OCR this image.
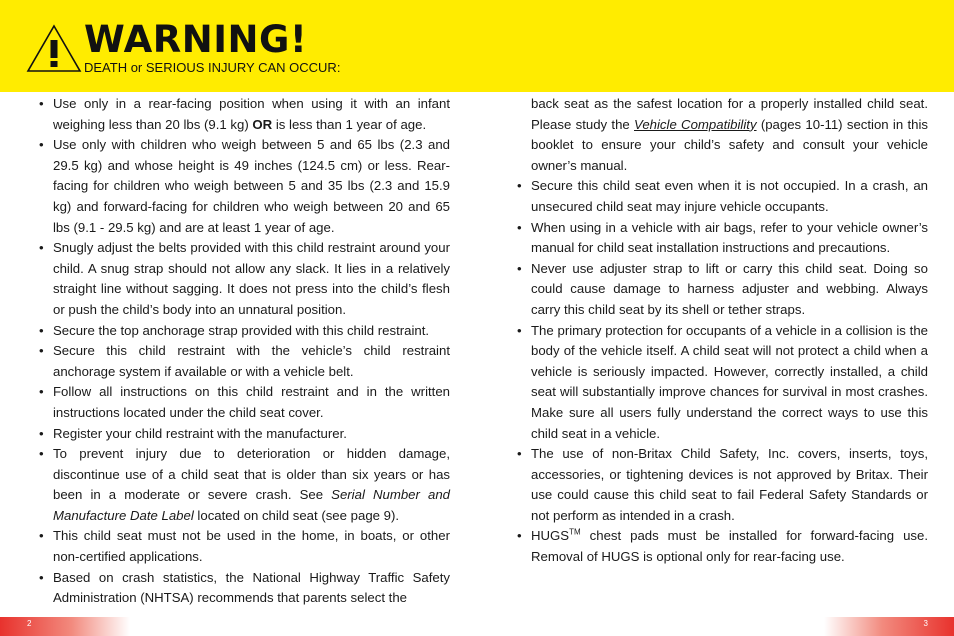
WARNING!
DEATH or SERIOUS INJURY CAN OCCUR:
• Use only in a rear-facing position when using it with an infant weighing less than 20 lbs (9.1 kg) OR is less than 1 year of age.
• Use only with children who weigh between 5 and 65 lbs (2.3 and 29.5 kg) and whose height is 49 inches (124.5 cm) or less. Rear-facing for children who weigh between 5 and 35 lbs (2.3 and 15.9 kg) and forward-facing for children who weigh between 20 and 65 lbs (9.1 - 29.5 kg) and are at least 1 year of age.
• Snugly adjust the belts provided with this child restraint around your child. A snug strap should not allow any slack. It lies in a relatively straight line without sagging. It does not press into the child’s flesh or push the child’s body into an unnatural position.
• Secure the top anchorage strap provided with this child restraint.
• Secure this child restraint with the vehicle’s child restraint anchorage system if available or with a vehicle belt.
• Follow all instructions on this child restraint and in the written instructions located under the child seat cover.
• Register your child restraint with the manufacturer.
• To prevent injury due to deterioration or hidden damage, discontinue use of a child seat that is older than six years or has been in a moderate or severe crash. See Serial Number and Manufacture Date Label located on child seat (see page 9).
• This child seat must not be used in the home, in boats, or other non-certified applications.
• Based on crash statistics, the National Highway Traffic Safety Administration (NHTSA) recommends that parents select the

back seat as the safest location for a properly installed child seat. Please study the Vehicle Compatibility (pages 10-11) section in this booklet to ensure your child’s safety and consult your vehicle owner’s manual.

• Secure this child seat even when it is not occupied. In a crash, an unsecured child seat may injure vehicle occupants.
• When using in a vehicle with air bags, refer to your vehicle owner’s manual for child seat installation instructions and precautions.
• Never use adjuster strap to lift or carry this child seat. Doing so could cause damage to harness adjuster and webbing. Always carry this child seat by its shell or tether straps.
• The primary protection for occupants of a vehicle in a collision is the body of the vehicle itself. A child seat will not protect a child when a vehicle is seriously impacted. However, correctly installed, a child seat will substantially improve chances for survival in most crashes. Make sure all users fully understand the correct ways to use this child seat in a vehicle.
• The use of non-Britax Child Safety, Inc. covers, inserts, toys, accessories, or tightening devices is not approved by Britax. Their use could cause this child seat to fail Federal Safety Standards or not perform as intended in a crash.
• HUGS™ chest pads must be installed for forward-facing use. Removal of HUGS is optional only for rear-facing use.
2	3
